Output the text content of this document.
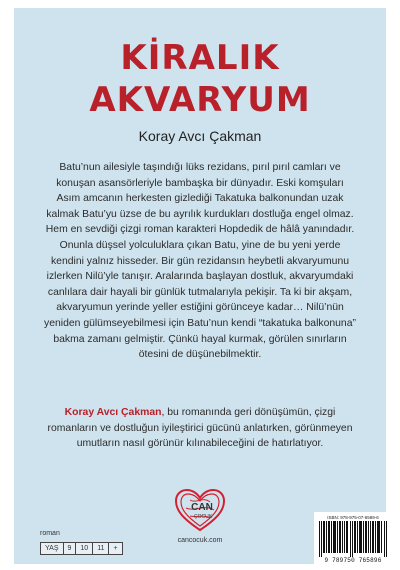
KİRALIK
AKVARYUM
Koray Avcı Çakman

Batu’nun ailesiyle taşındığı lüks rezidans, pırıl pırıl camları ve konuşan asansörleriyle bambaşka bir dünyadır. Eski komşuları Asım amcanın herkesten gizlediği Takatuka balkonundan uzak kalmak Batu’yu üzse de bu ayrılık kurdukları dostluğa engel olmaz. Hem en sevdiği çizgi roman karakteri Hopdedik de hâlâ yanındadır. Onunla düşsel yolculuklara çıkan Batu, yine de bu yeni yerde kendini yalnız hisseder. Bir gün rezidansın heybetli akvaryumunu izlerken Nilü’yle tanışır. Aralarında başlayan dostluk, akvaryumdaki canlılara dair hayali bir günlük tutmalarıyla pekişir. Ta ki bir akşam, akvaryumun yerinde yeller estiğini görünceye kadar… Nilü’nün yeniden gülümseyebilmesi için Batu’nun kendi “takatuka balkonuna” bakma zamanı gelmiştir. Çünkü hayal kurmak, görülen sınırların ötesini de düşünebilmektir.

Koray Avcı Çakman, bu romanında geri dönüşümün, çizgi romanların ve dostluğun iyileştirici gücünü anlatırken, görünmeyen umutların nasıl görünür kılınabileceğini de hatırlatıyor.

roman
YAŞ	9	10	11	+
CAN
ÇOCUK
cancocuk.com
ISBN: 978-975-07-6589-6
9 789750 765896
